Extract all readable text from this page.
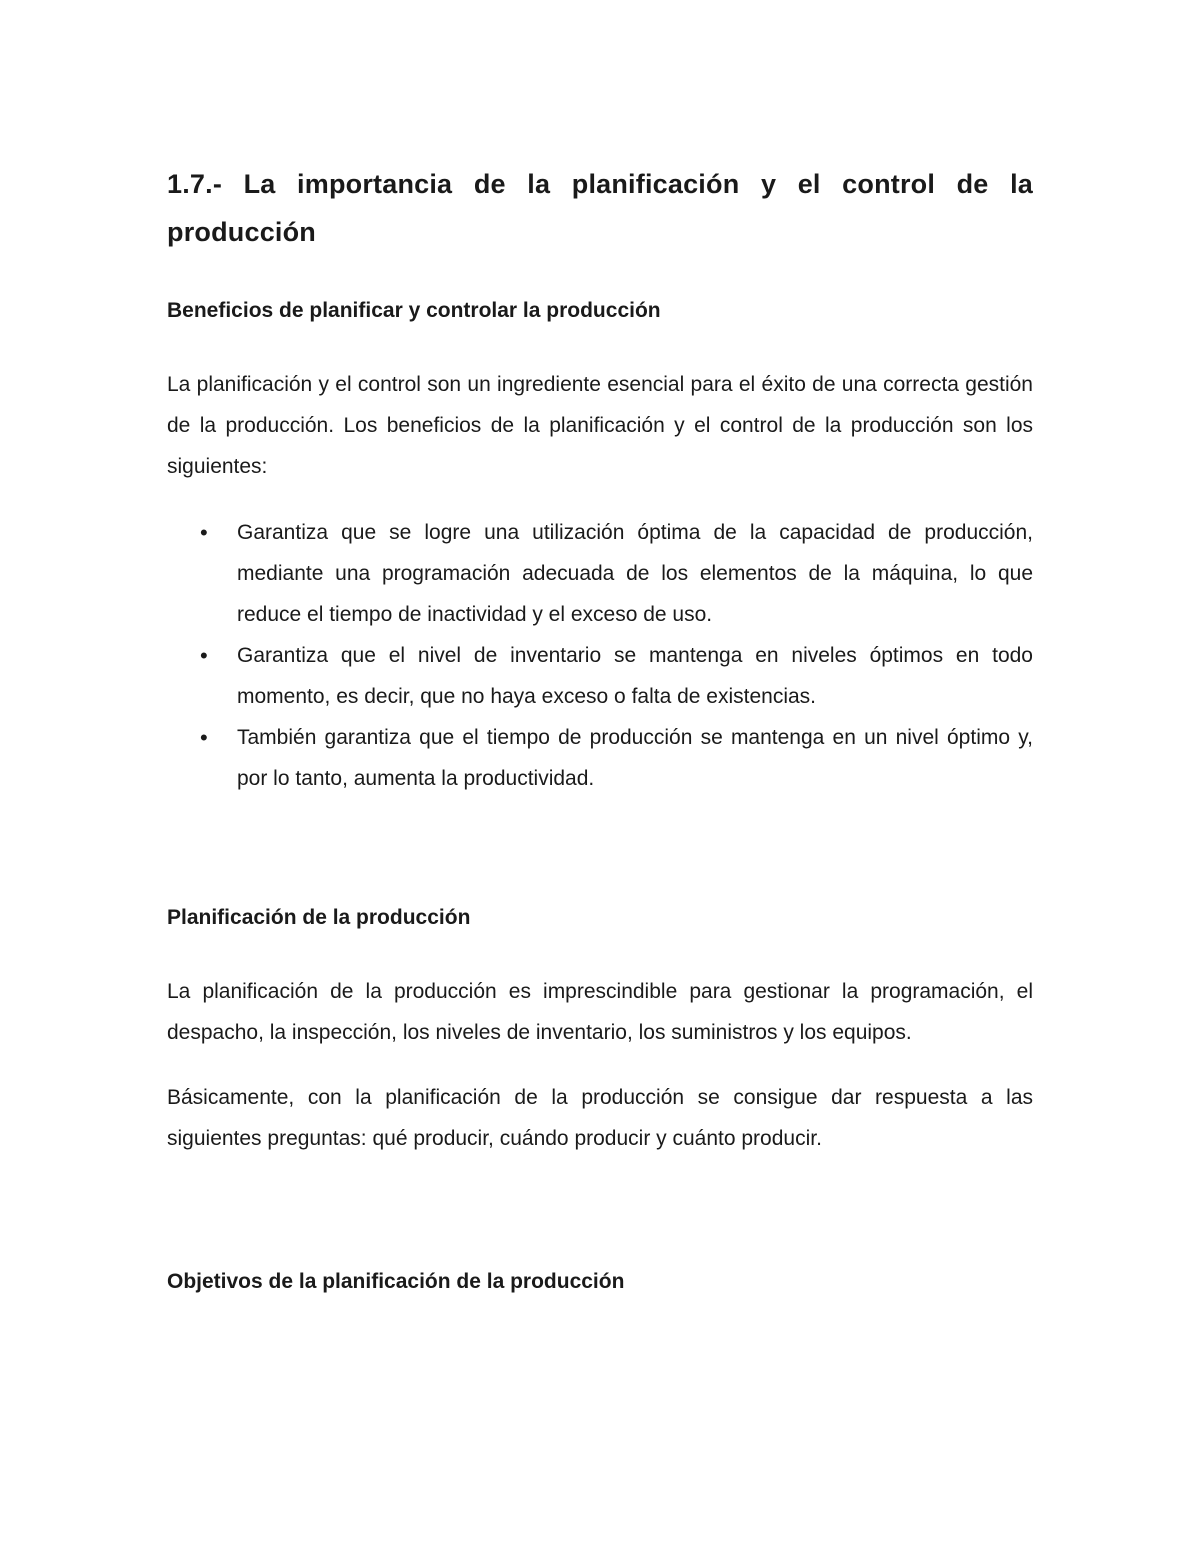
1.7.- La importancia de la planificación y el control de la producción
Beneficios de planificar y controlar la producción

La planificación y el control son un ingrediente esencial para el éxito de una correcta gestión de la producción. Los beneficios de la planificación y el control de la producción son los siguientes:

• Garantiza que se logre una utilización óptima de la capacidad de producción, mediante una programación adecuada de los elementos de la máquina, lo que reduce el tiempo de inactividad y el exceso de uso.
• Garantiza que el nivel de inventario se mantenga en niveles óptimos en todo momento, es decir, que no haya exceso o falta de existencias.
• También garantiza que el tiempo de producción se mantenga en un nivel óptimo y, por lo tanto, aumenta la productividad.
Planificación de la producción

La planificación de la producción es imprescindible para gestionar la programación, el despacho, la inspección, los niveles de inventario, los suministros y los equipos.

Básicamente, con la planificación de la producción se consigue dar respuesta a las siguientes preguntas: qué producir, cuándo producir y cuánto producir.

Objetivos de la planificación de la producción
